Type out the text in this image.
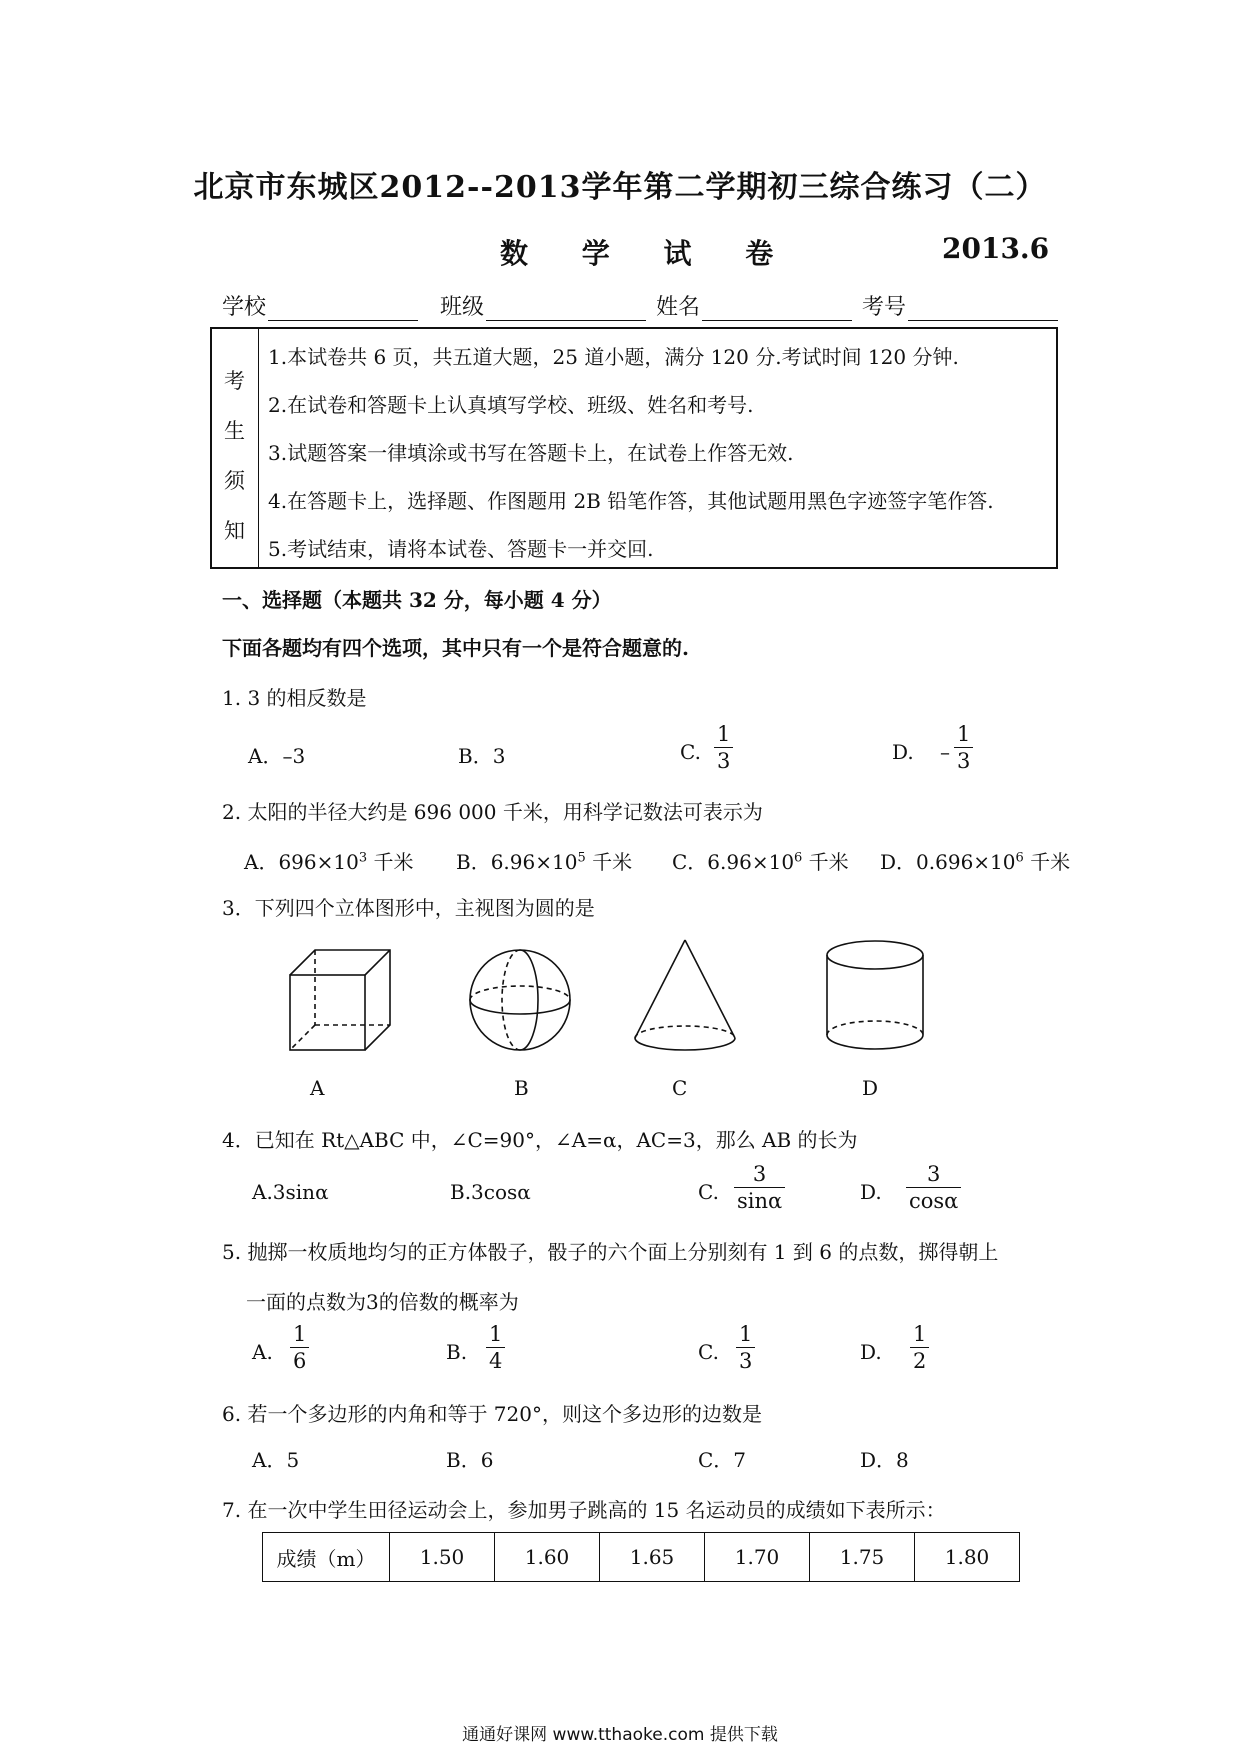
北京市东城区2012--2013学年第二学期初三综合练习（二）
数 学 试 卷	2013.6
学校	班级	姓名	考号
考
生
须
知
1.本试卷共 6 页，共五道大题，25 道小题，满分 120 分.考试时间 120 分钟.
2.在试卷和答题卡上认真填写学校、班级、姓名和考号.
3.试题答案一律填涂或书写在答题卡上，在试卷上作答无效.
4.在答题卡上，选择题、作图题用 2B 铅笔作答，其他试题用黑色字迹签字笔作答.
5.考试结束，请将本试卷、答题卡一并交回.
一、选择题（本题共 32 分，每小题 4 分）
下面各题均有四个选项，其中只有一个是符合题意的.
1. 3 的相反数是
A．–3	B．3	C.
1
3	D. –
1
3
2. 太阳的半径大约是 696 000 千米，用科学记数法可表示为
A．$696\times 10^3$ 千米 B．$6.96\times 10^5$ 千米 C．$6.96\times 10^6$ 千米 D．$0.696\times 10^6$ 千米
3．下列四个立体图形中，主视图为圆的是
A	B	C	D
4．已知在 Rt△ABC 中，∠C=90°，∠A=α，AC=3，那么 AB 的长为
A.3sinα	B.3cosα	C.
3
sinα	D.
3
cosα
5. 抛掷一枚质地均匀的正方体骰子，骰子的六个面上分别刻有 1 到 6 的点数，掷得朝上
一面的点数为3的倍数的概率为
A.
1
6	B.
1
4	C.
1
3	D.
1
2
6. 若一个多边形的内角和等于 720°，则这个多边形的边数是
A．5	B．6	C．7	D．8
7. 在一次中学生田径运动会上，参加男子跳高的 15 名运动员的成绩如下表所示：
成绩（m）	1.50	1.60	1.65	1.70	1.75	1.80
通通好课网 www.tthaoke.com 提供下载
